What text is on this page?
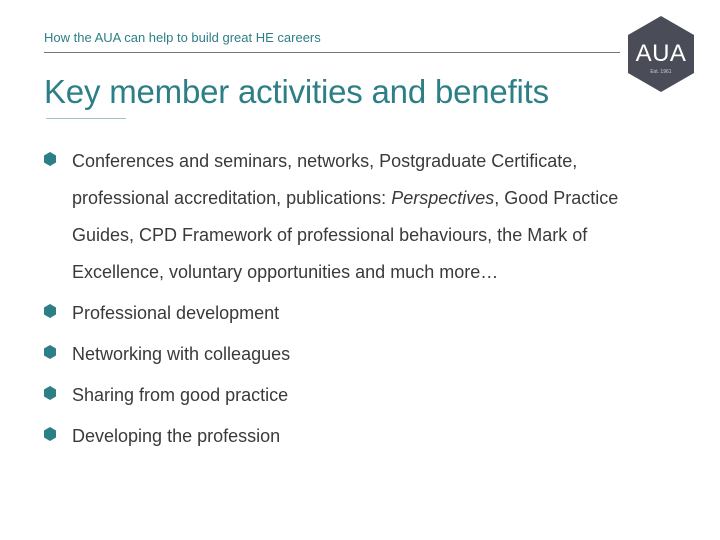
How the AUA can help to build great HE careers
AUA
Est. 1961
Key member activities and benefits
Conferences and seminars, networks, Postgraduate Certificate, professional accreditation, publications: Perspectives, Good Practice Guides, CPD Framework of professional behaviours, the Mark of Excellence, voluntary opportunities and much more…
Professional development
Networking with colleagues
Sharing from good practice
Developing the profession
